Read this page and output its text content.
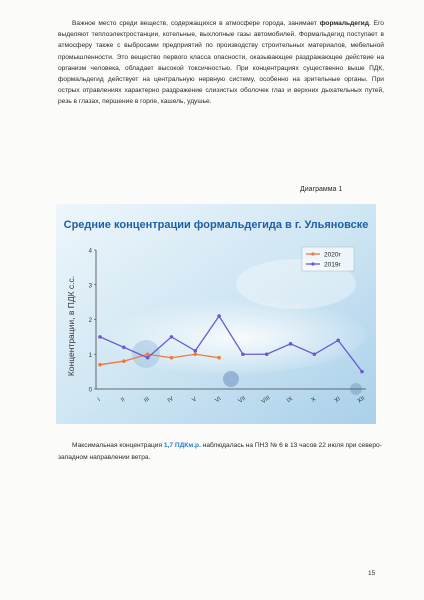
Важное место среди веществ, содержащихся в атмосфере города, занимает формальдегид. Его выделяют теплоэлектростанции, котельные, выхлопные газы автомобилей. Формальдегид поступает в атмосферу также с выбросами предприятий по производству строительных материалов, мебельной промышленности. Это вещество первого класса опасности, оказывающее раздражающее действие на организм человека, обладает высокой токсичностью. При концентрациях существенно выше ПДК, формальдегид действует на центральную нервную систему, особенно на зрительные органы. При острых отравлениях характерно раздражение слизистых оболочек глаз и верхних дыхательных путей, резь в глазах, першение в горле, кашель, удушье.
Диаграмма 1
Средние концентрации формальдегида в г. Ульяновске
Концентрации, в ПДК с.с.
0
1
2
3
4
I	II	III	IV	V	VI	VII VIII IX	X	XI	XII
2020г
2019г
Максимальная концентрация 1,7 ПДКм.р. наблюдалась на ПНЗ № 6 в 13 часов 22 июля при северо-западном направлении ветра.
15
